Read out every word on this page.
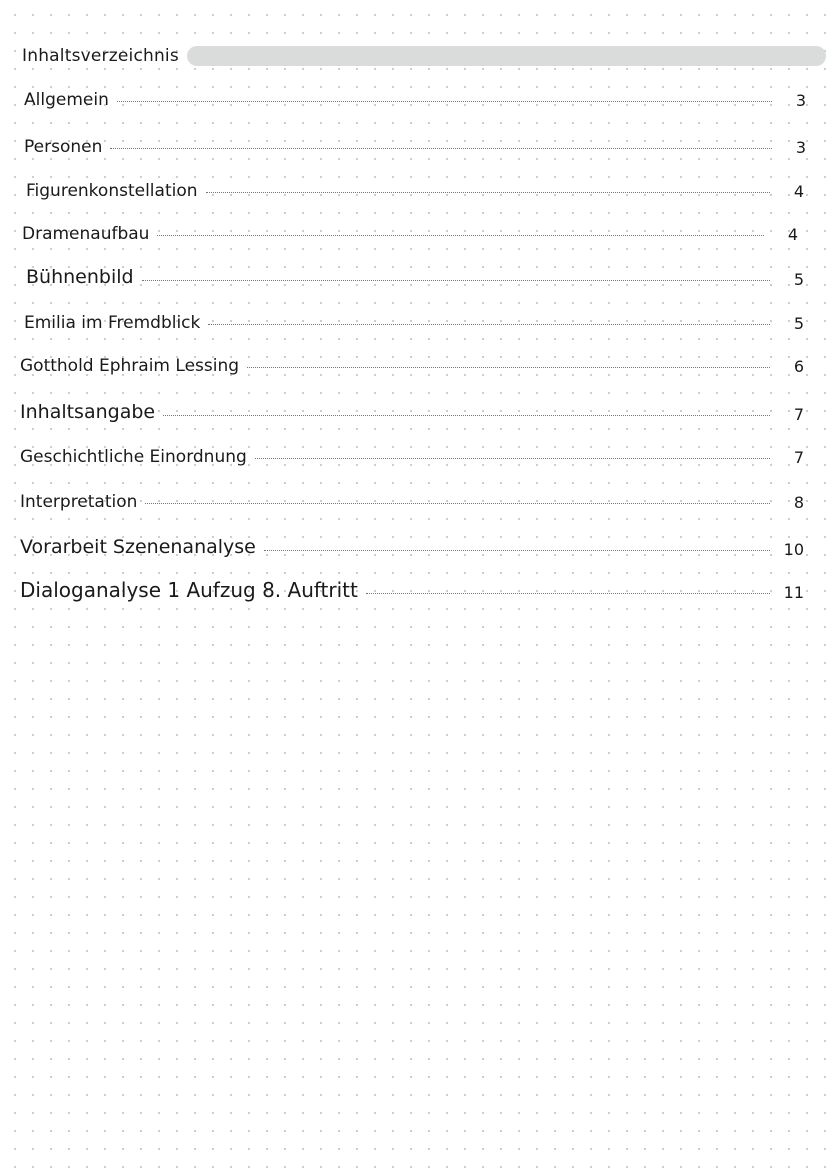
Inhaltsverzeichnis
Allgemein	3
Personen	3
Figurenkonstellation	4
Dramenaufbau	4
Bühnenbild	5
Emilia im Fremdblick	5
Gotthold Ephraim Lessing	6
Inhaltsangabe	7
Geschichtliche Einordnung	7
Interpretation	8
Vorarbeit Szenenanalyse	10
Dialoganalyse 1 Aufzug 8. Auftritt	11
